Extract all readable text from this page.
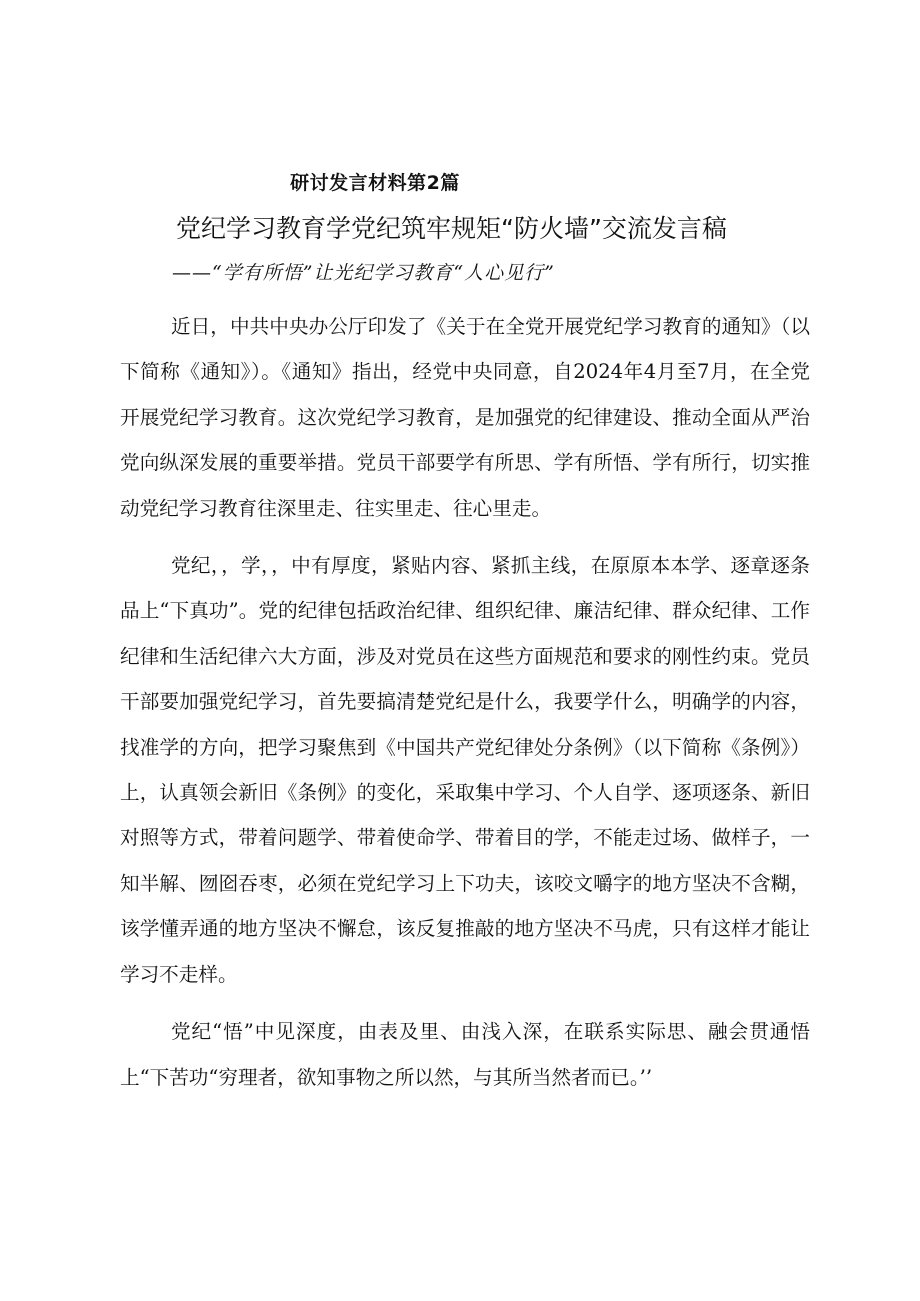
研讨发言材料第2篇
党纪学习教育学党纪筑牢规矩“防火墙”交流发言稿
——“学有所悟”让光纪学习教育“人心见行”

近日，中共中央办公厅印发了《关于在全党开展党纪学习教育的通知》（以下简称《通知》）。《通知》指出，经党中央同意，自2024年4月至7月，在全党开展党纪学习教育。这次党纪学习教育，是加强党的纪律建设、推动全面从严治党向纵深发展的重要举措。党员干部要学有所思、学有所悟、学有所行，切实推动党纪学习教育往深里走、往实里走、往心里走。

党纪，，学，，中有厚度，紧贴内容、紧抓主线，在原原本本学、逐章逐条品上“下真功”。党的纪律包括政治纪律、组织纪律、廉洁纪律、群众纪律、工作纪律和生活纪律六大方面，涉及对党员在这些方面规范和要求的刚性约束。党员干部要加强党纪学习，首先要搞清楚党纪是什么，我要学什么，明确学的内容，找准学的方向，把学习聚焦到《中国共产党纪律处分条例》（以下简称《条例》）上，认真领会新旧《条例》的变化，采取集中学习、个人自学、逐项逐条、新旧对照等方式，带着问题学、带着使命学、带着目的学，不能走过场、做样子，一知半解、囫囵吞枣，必须在党纪学习上下功夫，该咬文嚼字的地方坚决不含糊，该学懂弄通的地方坚决不懈怠，该反复推敲的地方坚决不马虎，只有这样才能让学习不走样。

党纪“悟”中见深度，由表及里、由浅入深，在联系实际思、融会贯通悟上“下苦功“穷理者，欲知事物之所以然，与其所当然者而已。’’
